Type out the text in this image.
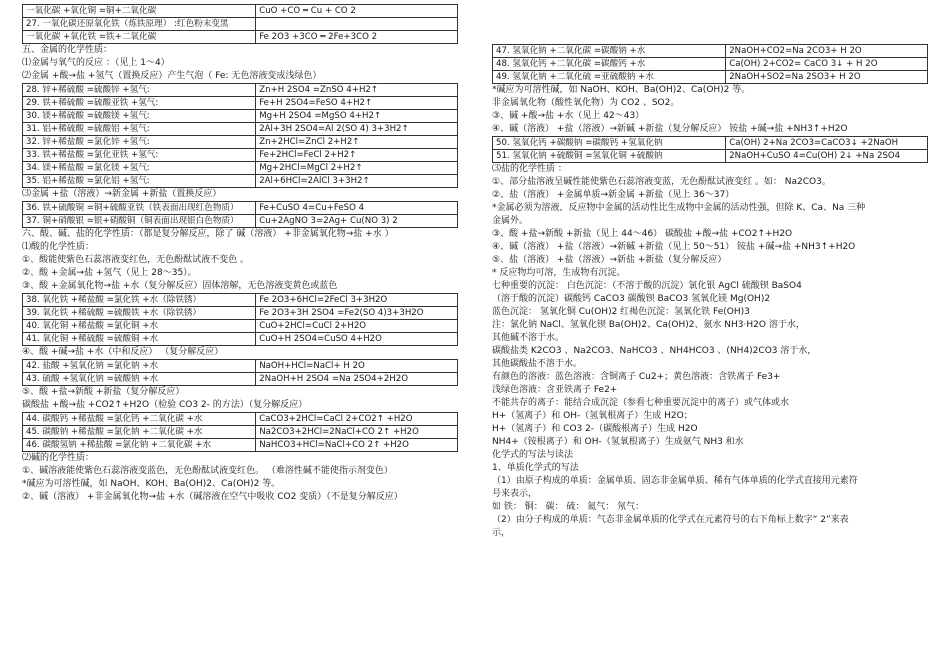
一氧化碳 +氧化铜 =铜+二氧化碳	CuO +CO ═ Cu + CO 2
27. 一氧化碳还原氧化铁（炼铁原理） :红色粉末变黑	
一氧化碳 +氧化铁 =铁+二氧化碳	Fe 2O3 +3CO ═ 2Fe+3CO 2
五、金属的化学性质：
⑴金属与氧气的反应 ：（见上 1～4）
⑵金属 +酸→盐 +氢气（置换反应）产生气泡（ Fe: 无色溶液变成浅绿色）
28. 锌+稀硫酸 =硫酸锌 +氢气:	Zn+H 2SO4 =ZnSO 4+H2↑
29. 铁+稀硫酸 =硫酸亚铁 +氢气:	Fe+H 2SO4=FeSO 4+H2↑
30. 镁+稀硫酸 =硫酸镁 +氢气:	Mg+H 2SO4 =MgSO 4+H2↑
31. 铝+稀硫酸 =硫酸铝 +氢气:	2Al+3H 2SO4=Al 2(SO 4) 3+3H2↑
32. 锌+稀盐酸 =氯化锌 +氢气:	Zn+2HCl=ZnCl 2+H2↑
33. 铁+稀盐酸 =氯化亚铁 +氢气:	Fe+2HCl=FeCl 2+H2↑
34. 镁+稀盐酸 =氯化镁 +氢气:	Mg+2HCl=MgCl 2+H2↑
35. 铝+稀盐酸 =氯化铝 +氢气:	2Al+6HCl=2AlCl 3+3H2↑
⑶金属 +盐（溶液）→新金属 +新盐（置换反应）
36. 铁+硫酸铜 =铜+硫酸亚铁（铁表面出现红色物质）	Fe+CuSO 4=Cu+FeSO 4
37. 铜+硝酸银 =银+硝酸铜（铜表面出现银白色物质）	Cu+2AgNO 3=2Ag+ Cu(NO 3) 2
六、酸、碱、盐的化学性质：（都是复分解反应，除了 碱（溶液） +非金属氧化物→盐 +水 ）
⑴酸的化学性质：
①、酸能使紫色石蕊溶液变红色，无色酚酞试液不变色 。
②、酸 +金属→盐 +氢气（见上 28～35）。
③、酸 +金属氧化物→盐 +水（复分解反应）固体溶解，无色溶液变黄色或蓝色
38. 氧化铁 +稀盐酸 =氯化铁 +水（除铁锈）	Fe 2O3+6HCl=2FeCl 3+3H2O
39. 氧化铁 +稀硫酸 =硫酸铁 +水（除铁锈）	Fe 2O3+3H 2SO4 =Fe2(SO 4)3+3H2O
40. 氧化铜 +稀盐酸 =氯化铜 +水	CuO+2HCl=CuCl 2+H2O
41. 氧化铜 +稀硫酸 =硫酸铜 +水	CuO+H 2SO4=CuSO 4+H2O
④、酸 +碱→盐 +水（中和反应） （复分解反应）
42. 盐酸 +氢氧化钠 =氯化钠 +水	NaOH+HCl=NaCl+ H 2O
43. 硫酸 +氢氧化钠 =硫酸钠 +水	2NaOH+H 2SO4 =Na 2SO4+2H2O
⑤、酸 +盐→新酸 +新盐（复分解反应）
碳酸盐 +酸→盐 +CO2↑+H2O（检验 CO3 2- 的方法）（复分解反应）
44. 碳酸钙 +稀盐酸 =氯化钙 +二氧化碳 +水	CaCO3+2HCl=CaCl 2+CO2↑ +H2O
45. 碳酸钠 +稀盐酸 =氯化钠 +二氧化碳 +水	Na2CO3+2HCl=2NaCl+CO 2↑ +H2O
46. 碳酸氢钠 +稀盐酸 =氯化钠 +二氧化碳 +水	NaHCO3+HCl=NaCl+CO 2↑ +H2O
⑵碱的化学性质：
①、碱溶液能使紫色石蕊溶液变蓝色，无色酚酞试液变红色。 （难溶性碱不能使指示剂变色）
*碱应为可溶性碱，如 NaOH、KOH、Ba(OH)2、Ca(OH)2 等。
②、碱（溶液） +非金属氧化物→盐 +水（碱溶液在空气中吸收 CO2 变质）（不是复分解反应）
47. 氢氧化钠 +二氧化碳 =碳酸钠 +水	2NaOH+CO2=Na 2CO3+ H 2O
48. 氢氧化钙 +二氧化碳 =碳酸钙 +水	Ca(OH) 2+CO2= CaCO 3↓ + H 2O
49. 氢氧化钠 +二氧化硫 =亚硫酸钠 +水	2NaOH+SO2=Na 2SO3+ H 2O
*碱应为可溶性碱，如 NaOH、KOH、Ba(OH)2、Ca(OH)2 等。
非金属氧化物（酸性氧化物）为 CO2 、SO2。
③、碱 +酸→盐 +水（见上 42～43）
④、碱（溶液） +盐（溶液）→新碱 +新盐（复分解反应） 铵盐 +碱→盐 +NH3↑+H2O
50. 氢氧化钙 +碳酸钠 =碳酸钙 +氢氧化钠	Ca(OH) 2+Na 2CO3=CaCO3↓ +2NaOH
51. 氢氧化钠 +硫酸铜 =氢氧化铜 +硫酸钠	2NaOH+CuSO 4=Cu(OH) 2↓ +Na 2SO4
⑶盐的化学性质 ：
①、部分盐溶液呈碱性能使紫色石蕊溶液变蓝，无色酚酞试液变红 。如： Na2CO3。
②、盐（溶液） +金属单质→新金属 +新盐（见上 36～37）
*金属必须为溶液，反应物中金属的活动性比生成物中金属的活动性强，但除 K、Ca、Na 三种
金属外。
③、酸 +盐→新酸 +新盐（见上 44～46） 碳酸盐 +酸→盐 +CO2↑+H2O
④、碱（溶液） +盐（溶液）→新碱 +新盐（见上 50～51） 铵盐 +碱→盐 +NH3↑+H2O
⑤、盐（溶液） +盐（溶液）→新盐 +新盐（复分解反应）
* 反应物均可溶，生成物有沉淀。
七种重要的沉淀： 白色沉淀：（不溶于酸的沉淀）氯化银 AgCl 硫酸钡 BaSO4
（溶于酸的沉淀）碳酸钙 CaCO3 碳酸钡 BaCO3 氢氧化镁 Mg(OH)2
蓝色沉淀： 氢氧化铜 Cu(OH)2 红褐色沉淀：氢氧化铁 Fe(OH)3
注：氯化钠 NaCl、氢氧化钡 Ba(OH)2、Ca(OH)2、氨水 NH3·H2O 溶于水，
其他碱不溶于水。
碳酸盐类 K2CO3 、Na2CO3、NaHCO3 、NH4HCO3 、(NH4)2CO3 溶于水，
其他碳酸盐不溶于水。
有颜色的溶液：蓝色溶液：含铜离子 Cu2+；黄色溶液：含铁离子 Fe3+
浅绿色溶液：含亚铁离子 Fe2+
不能共存的离子：能结合成沉淀（参看七种重要沉淀中的离子）或气体或水
H+（氢离子）和 OH-（氢氧根离子）生成 H2O；
H+（氢离子）和 CO3 2-（碳酸根离子）生成 H2O
NH4+（铵根离子）和 OH-（氢氧根离子）生成氨气 NH3 和水
化学式的写法与读法
1、单质化学式的写法
（1）由原子构成的单质：金属单质、固态非金属单质、稀有气体单质的化学式直接用元素符
号来表示，
如 铁： 铜： 碳： 硫： 氦气： 氖气：
（2）由分子构成的单质：气态非金属单质的化学式在元素符号的右下角标上数字“ 2”来表
示，
